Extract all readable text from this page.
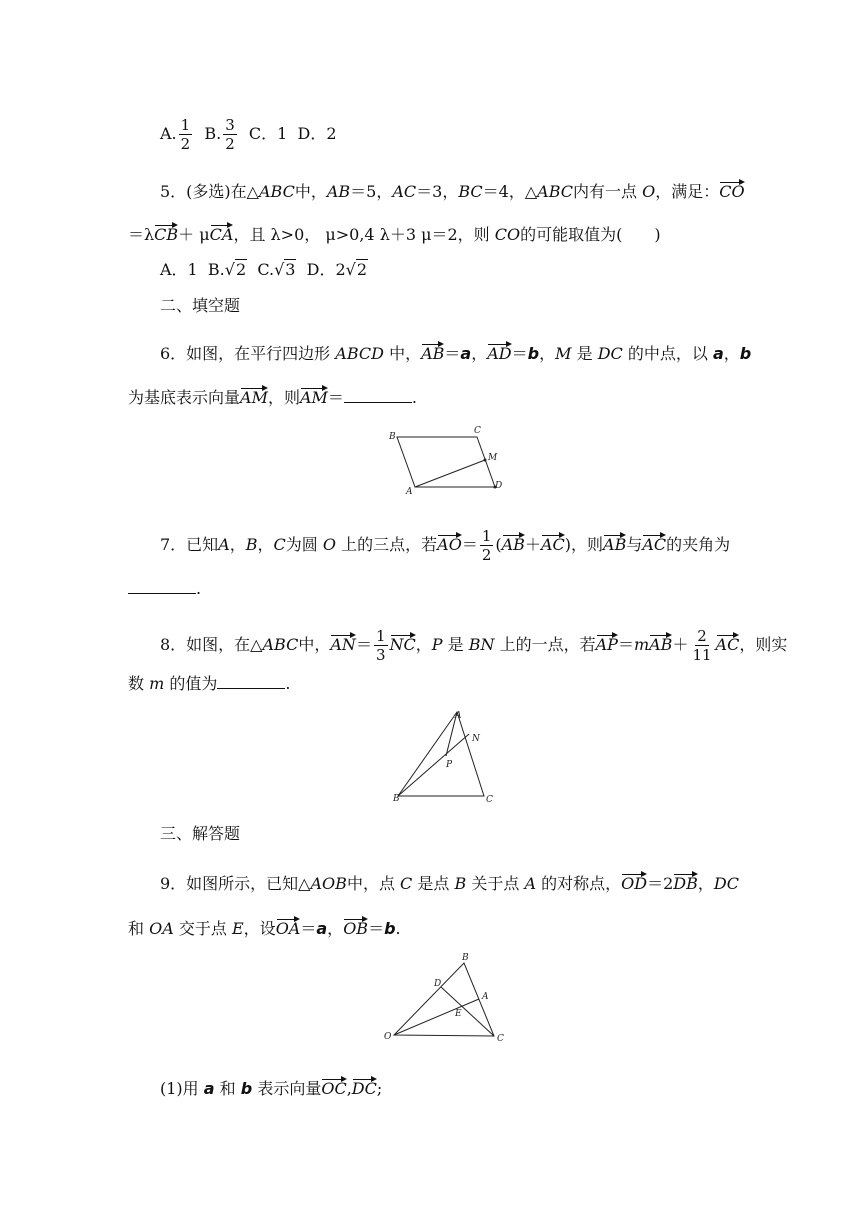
A. $\frac{1}{2} B$. $\frac{3}{2}$ C．1 D．2
5．(多选)在△ABC中，AB＝5，AC＝3，BC＝4，△ABC内有一点 O，满足：CO
＝λCB＋ μCA，且 λ>0， μ>0,4 λ＋3 μ＝2，则 CO的可能取值为(　　)
A．1 B.√2 C.√3 D．2√2
二、填空题
6．如图，在平行四边形 ABCD 中，AB＝a，AD＝b，M 是 DC 的中点，以 a，b
为基底表示向量AM，则AM＝	.
B
C
M
A
D
7．已知A，B，C为圆 O 上的三点，若$AO= \frac{1}{2} (AB+AC)$，则AB与AC的夹角为
.
8．如图，在△ABC中，$AN= \frac{1}{3}$ NC，P 是 BN 上的一点，若$AP=mAB+ \frac{2}{11}$ AC，则实
数 m 的值为	.
A
N
P
B	C
三、解答题
9．如图所示，已知△AOB中，点 C 是点 B 关于点 A 的对称点，OD＝2DB，DC
和 OA 交于点 E，设OA＝a，OB＝b.
B
D
A
E
O	C
(1)用 a 和 b 表示向量OC,DC;
